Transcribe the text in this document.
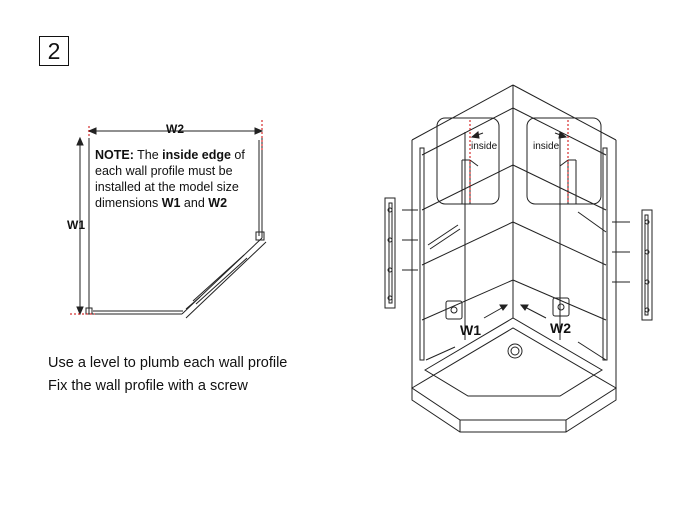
2
W2
W1
NOTE: The inside edge of each wall profile must be installed at the model size dimensions W1 and W2
Use a level to plumb each wall profile
Fix the wall profile with a screw
inside	inside
W1	W2
